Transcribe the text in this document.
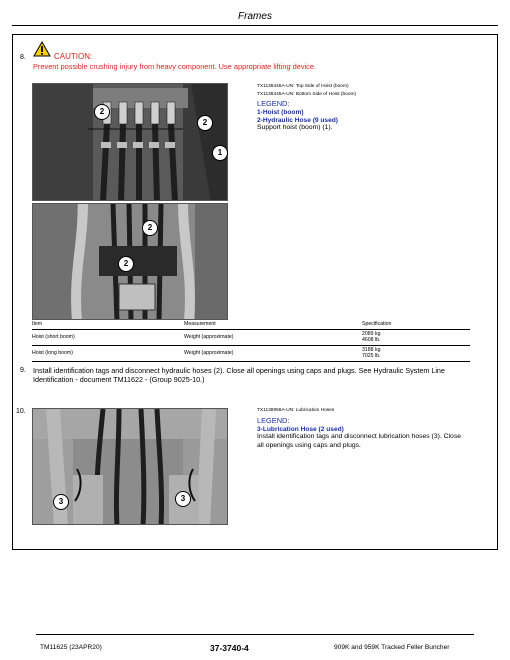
Frames
8.	CAUTION:
Prevent possible crushing injury from heavy component. Use appropriate lifting device.
2
2
1
2
2
TX1136446A-UN: Top Side of Hoist (boom)
TX1136445A-UN: Bottom Side of Hoist (boom)
LEGEND:
1-Hoist (boom)
2-Hydraulic Hose (9 used)
Support hoist (boom) (1).
Item	Measurement	Specification
Hoist (short boom)	Weight (approximate)	2089 kg
4608 lb.

Hoist (long boom)	Weight (approximate)	3188 kg
7025 lb.
9. Install identification tags and disconnect hydraulic hoses (2). Close all openings using caps and plugs. See Hydraulic System Line Identification - document TM11622 - (Group 9025-10.)
10.
3	3
TX1138956A-UN: Lubrication Hoses
LEGEND:
3-Lubrication Hose (2 used)
Install identification tags and disconnect lubrication hoses (3). Close all openings using caps and plugs.
TM11625 (23APR20)	37-3740-4	909K and 959K Tracked Feller Buncher
